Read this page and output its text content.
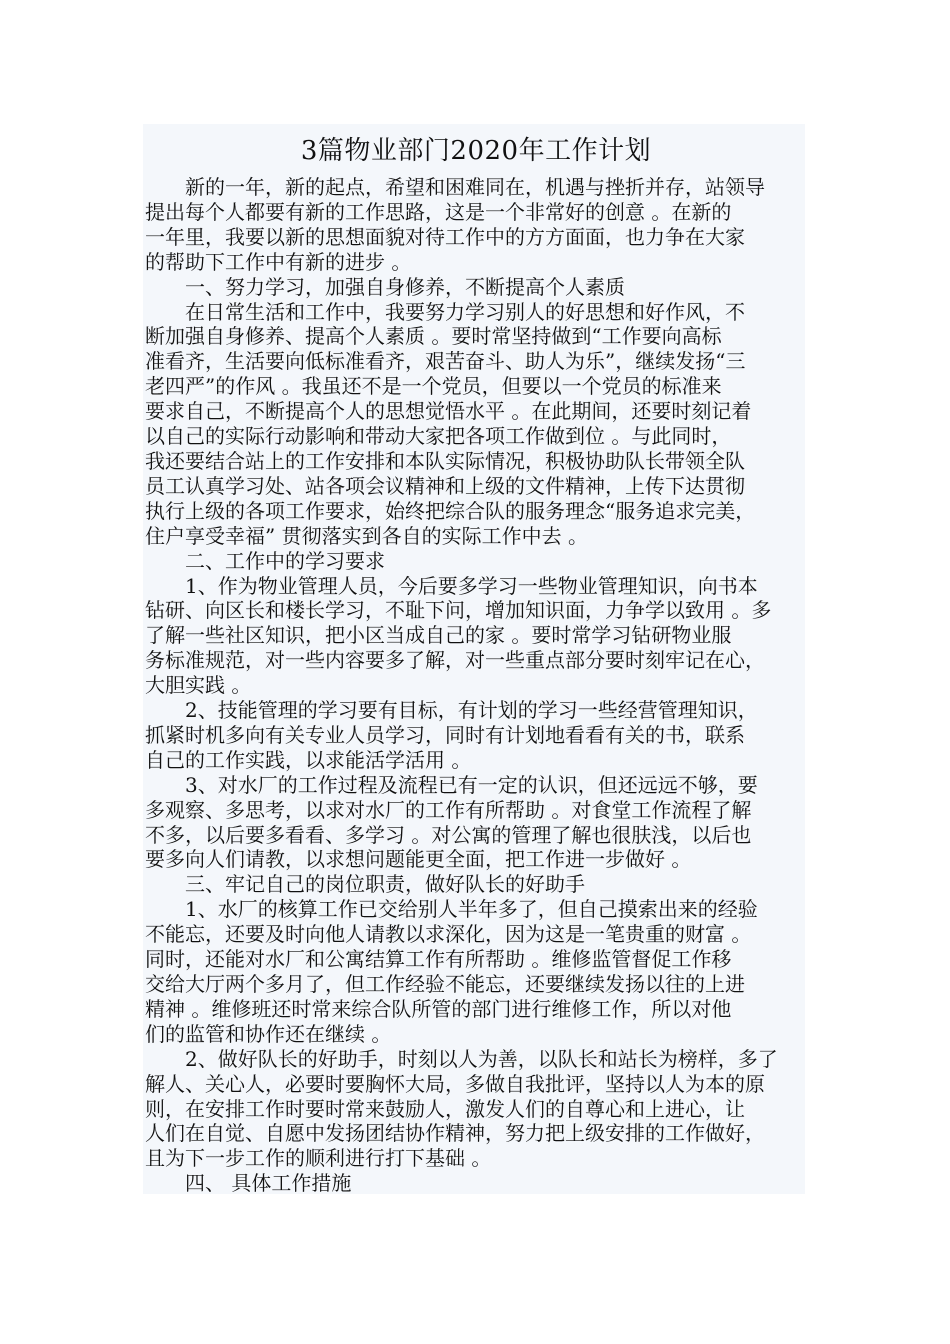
3篇物业部门2020年工作计划
新的一年，新的起点，希望和困难同在，机遇与挫折并存，站领导
提出每个人都要有新的工作思路，这是一个非常好的创意 。在新的
一年里，我要以新的思想面貌对待工作中的方方面面，也力争在大家
的帮助下工作中有新的进步 。
一、努力学习，加强自身修养，不断提高个人素质
在日常生活和工作中，我要努力学习别人的好思想和好作风，不
断加强自身修养、提高个人素质 。要时常坚持做到“工作要向高标
准看齐，生活要向低标准看齐，艰苦奋斗、助人为乐”，继续发扬“三
老四严”的作风 。我虽还不是一个党员，但要以一个党员的标准来
要求自己，不断提高个人的思想觉悟水平 。在此期间，还要时刻记着
以自己的实际行动影响和带动大家把各项工作做到位 。与此同时，
我还要结合站上的工作安排和本队实际情况，积极协助队长带领全队
员工认真学习处、站各项会议精神和上级的文件精神，上传下达贯彻
执行上级的各项工作要求，始终把综合队的服务理念“服务追求完美，
住户享受幸福” 贯彻落实到各自的实际工作中去 。
二、工作中的学习要求
1、作为物业管理人员，今后要多学习一些物业管理知识，向书本
钻研、向区长和楼长学习，不耻下问，增加知识面，力争学以致用 。多
了解一些社区知识，把小区当成自己的家 。要时常学习钻研物业服
务标准规范，对一些内容要多了解，对一些重点部分要时刻牢记在心，
大胆实践 。
2、技能管理的学习要有目标，有计划的学习一些经营管理知识，
抓紧时机多向有关专业人员学习，同时有计划地看看有关的书，联系
自己的工作实践，以求能活学活用 。
3、对水厂的工作过程及流程已有一定的认识，但还远远不够，要
多观察、多思考，以求对水厂的工作有所帮助 。对食堂工作流程了解
不多，以后要多看看、多学习 。对公寓的管理了解也很肤浅，以后也
要多向人们请教，以求想问题能更全面，把工作进一步做好 。
三、牢记自己的岗位职责，做好队长的好助手
1、水厂的核算工作已交给别人半年多了，但自己摸索出来的经验
不能忘，还要及时向他人请教以求深化，因为这是一笔贵重的财富 。
同时，还能对水厂和公寓结算工作有所帮助 。维修监管督促工作移
交给大厅两个多月了，但工作经验不能忘，还要继续发扬以往的上进
精神 。维修班还时常来综合队所管的部门进行维修工作，所以对他
们的监管和协作还在继续 。
2、做好队长的好助手，时刻以人为善，以队长和站长为榜样，多了
解人、关心人，必要时要胸怀大局，多做自我批评，坚持以人为本的原
则，在安排工作时要时常来鼓励人，激发人们的自尊心和上进心，让
人们在自觉、自愿中发扬团结协作精神，努力把上级安排的工作做好，
且为下一步工作的顺利进行打下基础 。
四、 具体工作措施
